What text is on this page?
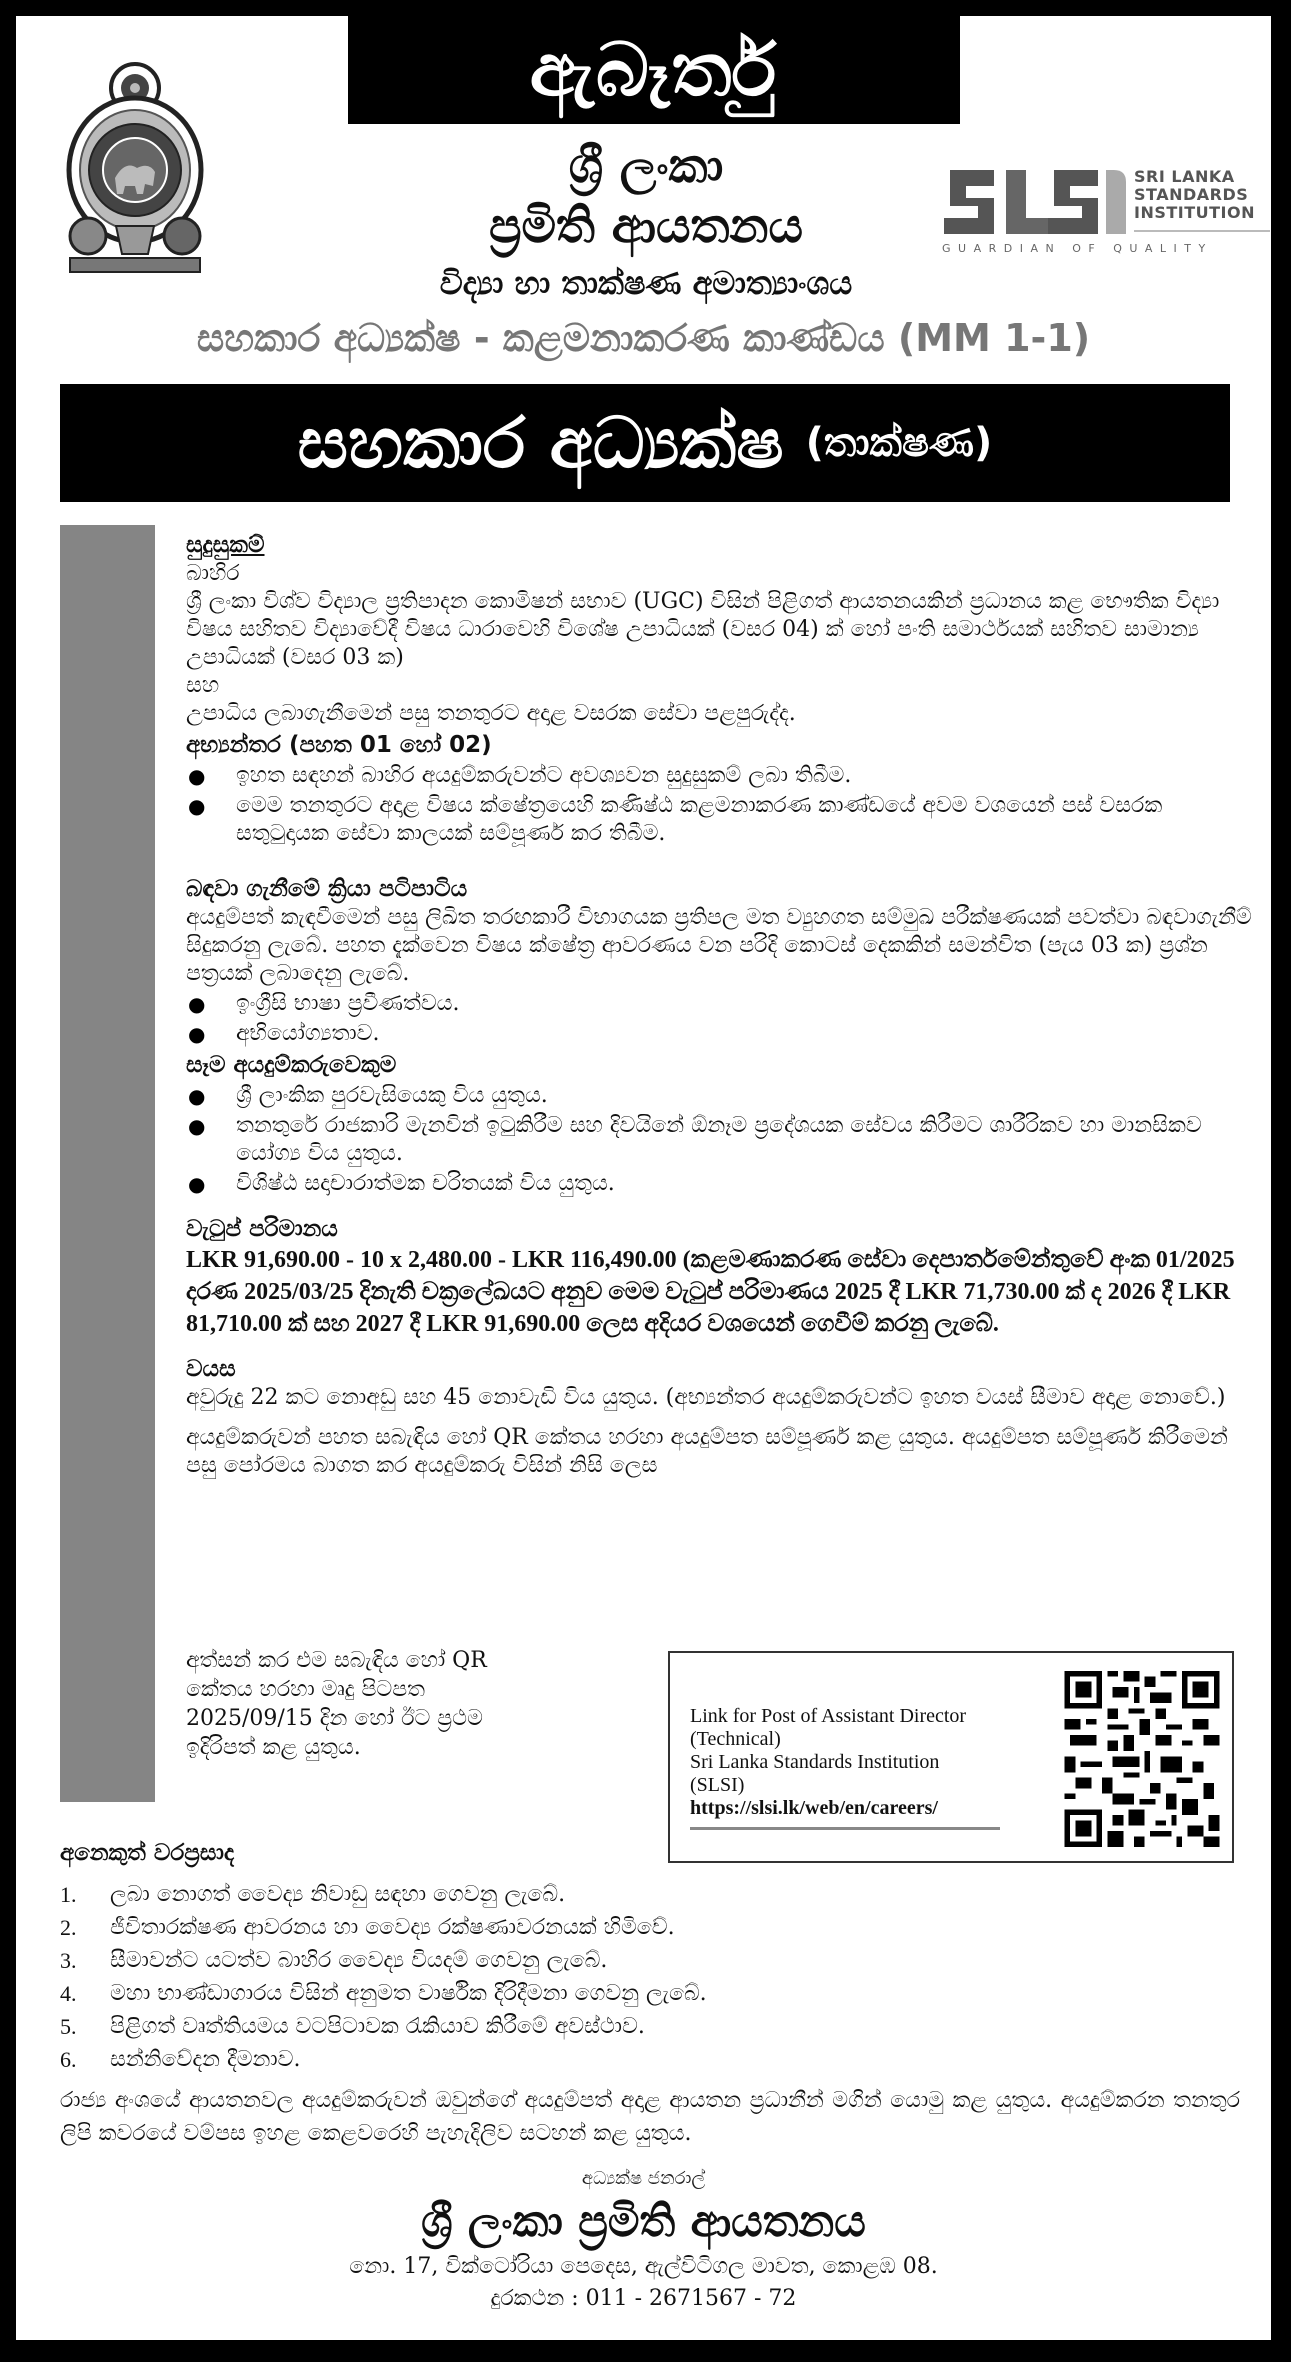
ඇබෑර්තු
ශ්‍රී ලංකා
ප්‍රමිති ආයතනය
විද්‍යා හා තාක්ෂණ අමාත්‍යාංශය
SRI LANKA
STANDARDS
INSTITUTION
GUARDIAN OF QUALITY
සහකාර අධ්‍යක්ෂ - කළමනාකරණ කාණ්ඩය (MM 1-1)
සහකාර අධ්‍යක්ෂ (තාක්ෂණ)
සුදුසුකම්

බාහිර

ශ්‍රී ලංකා විශ්ව විද්‍යාල ප්‍රතිපාදන කොමිෂන් සභාව (UGC) විසින් පිළිගත් ආයතනයකින් ප්‍රධානය කළ භෞතික විද්‍යා විෂය සහිතව විද්‍යාවේදී විෂය ධාරාවෙහි විශේෂ උපාධියක් (වසර 04) ක් හෝ පංති සමාර්ථයක් සහිතව සාමාන්‍ය උපාධියක් (වසර 03 ක)

සහ

උපාධිය ලබාගැනීමෙන් පසු තනතුරට අදාළ වසරක සේවා පළපුරුද්ද.

අභ්‍යන්තර (පහත 01 හෝ 02)
● ඉහත සඳහන් බාහිර අයදුම්කරුවන්ට අවශ්‍යවන සුදුසුකම් ලබා තිබීම.
● මෙම තනතුරට අදාළ විෂය ක්ෂේත්‍රයෙහි කණිෂ්ඨ කළමනාකරණ කාණ්ඩයේ අවම වශයෙන් පස් වසරක සතුටුදායක සේවා කාලයක් සම්පූර්ණ කර තිබීම.
බඳවා ගැනීමේ ක්‍රියා පටිපාටිය

අයදුම්පත් කැඳවීමෙන් පසු ලිඛිත තරඟකාරී විභාගයක ප්‍රතිපල මත ව්‍යුහගත සම්මුඛ පරීක්ෂණයක් පවත්වා බඳවාගැනීම් සිදුකරනු ලැබේ. පහත දැක්වෙන විෂය ක්ෂේත්‍ර ආවරණය වන පරිදි කොටස් දෙකකින් සමන්විත (පැය 03 ක) ප්‍රශ්න පත්‍රයක් ලබාදෙනු ලැබේ.

● ඉංග්‍රීසි භාෂා ප්‍රවීණත්වය.
● අභියෝග්‍යතාව.
සෑම අයදුම්කරුවෙකුම
● ශ්‍රී ලාංකික පුරවැසියෙකු විය යුතුය.
● තනතුරේ රාජකාරි මැනවින් ඉටුකිරීම සහ දිවයිනේ ඕනෑම ප්‍රදේශයක සේවය කිරීමට ශාරීරිකව හා මානසිකව යෝග්‍ය විය යුතුය.
● විශිෂ්ඨ සදාචාරාත්මක චරිතයක් විය යුතුය.
වැටුප් පරිමානය

LKR 91,690.00 - 10 x 2,480.00 - LKR 116,490.00 (කළමණාකරණ සේවා දෙපාර්තමේන්තුවේ අංක 01/2025 දරණ 2025/03/25 දිනැති චක්‍රලේඛයට අනුව මෙම වැටුප් පරිමාණය 2025 දී LKR 71,730.00 ක් ද 2026 දී LKR 81,710.00 ක් සහ 2027 දී LKR 91,690.00 ලෙස අදියර වශයෙන් ගෙවීම් කරනු ලැබේ.

වයස

අවුරුදු 22 කට නොඅඩු සහ 45 නොවැඩි විය යුතුය. (අභ්‍යන්තර අයදුම්කරුවන්ට ඉහත වයස් සීමාව අදාළ නොවේ.)

අයදුම්කරුවන් පහත සබැඳිය හෝ QR කේතය හරහා අයදුම්පත සම්පූර්ණ කළ යුතුය. අයදුම්පත සම්පූර්ණ කිරීමෙන් පසු පෝරමය බාගත කර අයදුම්කරු විසින් නිසි ලෙස

අත්සන් කර එම සබැඳිය හෝ QR
කේතය හරහා මෘදු පිටපත
2025/09/15 දින හෝ ඊට ප්‍රථම
ඉදිරිපත් කළ යුතුය.
Link for Post of Assistant Director
(Technical)
Sri Lanka Standards Institution
(SLSI)
https://slsi.lk/web/en/careers/
අනෙකුත් වරප්‍රසාද
1. ලබා නොගත් වෛද්‍ය නිවාඩු සඳහා ගෙවනු ලැබේ.
2. ජීවිතාරක්ෂණ ආවරනය හා වෛද්‍ය රක්ෂණාවරනයක් හිමිවේ.
3. සීමාවන්ට යටත්ව බාහිර වෛද්‍ය වියදම් ගෙවනු ලැබේ.
4. මහා භාණ්ඩාගාරය විසින් අනුමත වාර්ෂික දිරිදීමනා ගෙවනු ලැබේ.
5. පිළිගත් වෘත්තියමය වටපිටාවක රැකියාව කිරීමේ අවස්ථාව.
6. සන්නිවේදන දීමනාව.

රාජ්‍ය අංශයේ ආයතනවල අයදුම්කරුවන් ඔවුන්ගේ අයදුම්පත් අදාළ ආයතන ප්‍රධානීන් මගින් යොමු කළ යුතුය. අයදුම්කරන තනතුර ලිපි කවරයේ වම්පස ඉහළ කෙළවරෙහි පැහැදිලිව සටහන් කළ යුතුය.

අධ්‍යක්ෂ ජනරාල්
ශ්‍රී ලංකා ප්‍රමිති ආයතනය
නො. 17, වික්ටෝරියා පෙදෙස, ඇල්විටිගල මාවත, කොළඹ 08.
දුරකථන : 011 - 2671567 - 72
